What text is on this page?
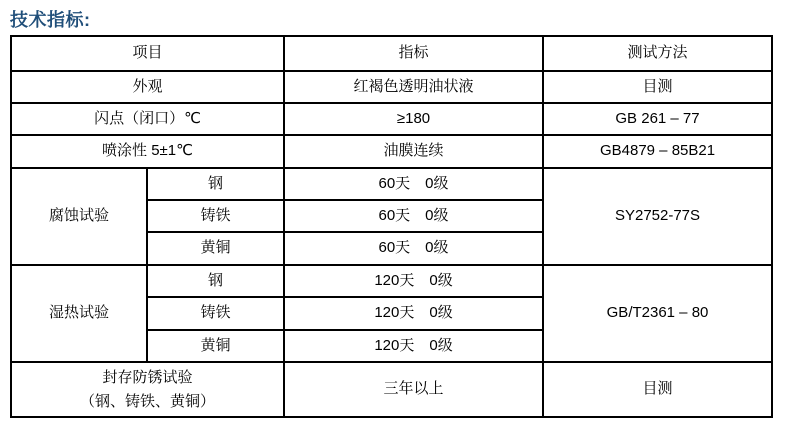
技术指标:
项目		指标	测试方法
外观		红褐色透明油状液	目测
闪点（闭口）℃		≥180	GB 261 – 77
喷涂性 5±1℃		油膜连续	GB4879 – 85B21
腐蚀试验	钢	60天　0级	SY2752-77S
	铸铁	60天　0级	
	黄铜	60天　0级	
湿热试验	钢	120天　0级	GB/T2361 – 80
	铸铁	120天　0级	
	黄铜	120天　0级	

封存防锈试验
（钢、铸铁、黄铜）		三年以上	目测
